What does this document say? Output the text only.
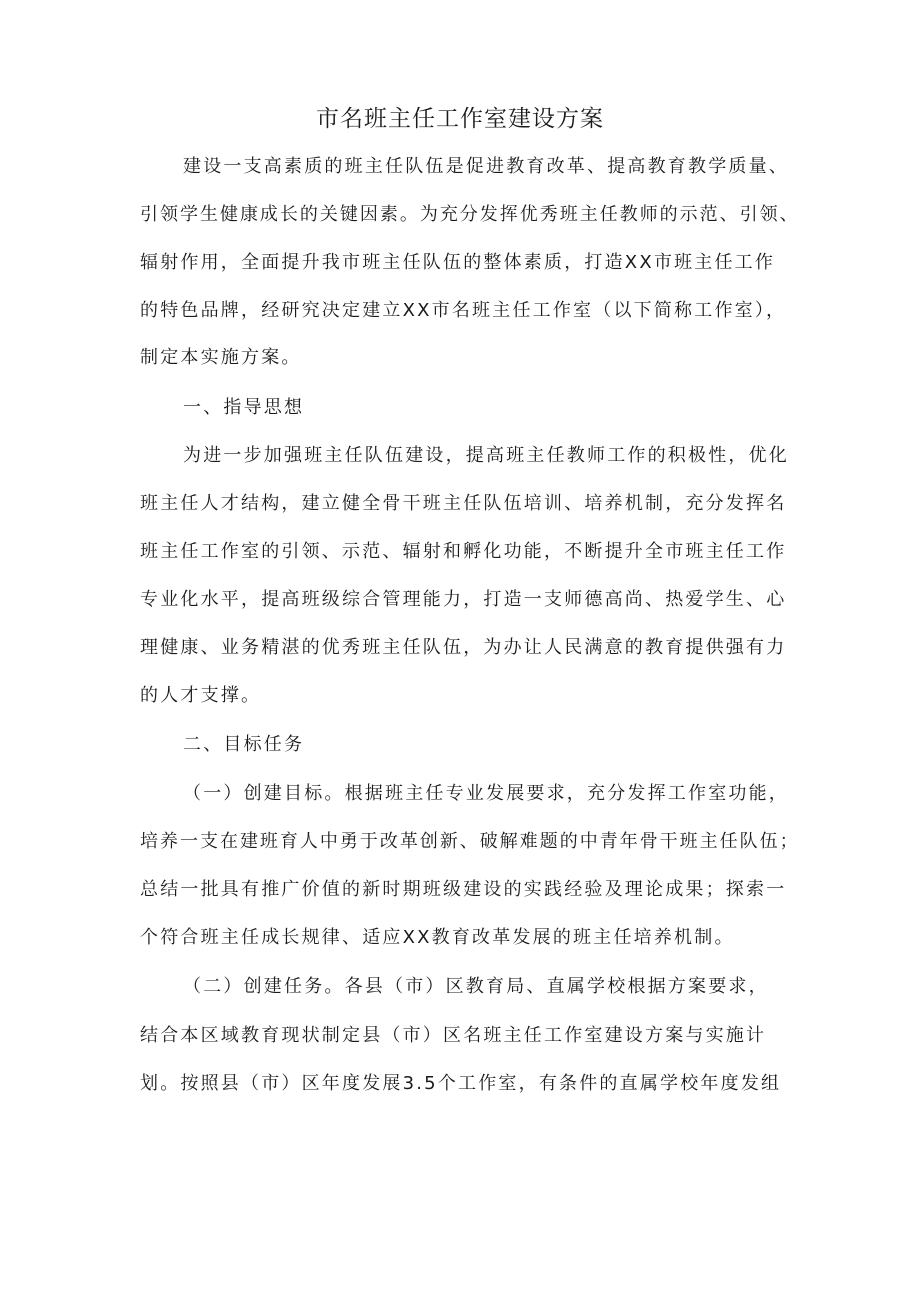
市名班主任工作室建设方案
建设一支高素质的班主任队伍是促进教育改革、提高教育教学质量、
引领学生健康成长的关键因素。为充分发挥优秀班主任教师的示范、引领、
辐射作用，全面提升我市班主任队伍的整体素质，打造XX市班主任工作
的特色品牌，经研究决定建立XX市名班主任工作室（以下简称工作室），
制定本实施方案。
一、指导思想
为进一步加强班主任队伍建设，提高班主任教师工作的积极性，优化
班主任人才结构，建立健全骨干班主任队伍培训、培养机制，充分发挥名
班主任工作室的引领、示范、辐射和孵化功能，不断提升全市班主任工作
专业化水平，提高班级综合管理能力，打造一支师德高尚、热爱学生、心
理健康、业务精湛的优秀班主任队伍，为办让人民满意的教育提供强有力
的人才支撑。
二、目标任务
（一）创建目标。根据班主任专业发展要求，充分发挥工作室功能，
培养一支在建班育人中勇于改革创新、破解难题的中青年骨干班主任队伍；
总结一批具有推广价值的新时期班级建设的实践经验及理论成果；探索一
个符合班主任成长规律、适应XX教育改革发展的班主任培养机制。
（二）创建任务。各县（市）区教育局、直属学校根据方案要求，
结合本区域教育现状制定县（市）区名班主任工作室建设方案与实施计
划。按照县（市）区年度发展3.5个工作室，有条件的直属学校年度发组
